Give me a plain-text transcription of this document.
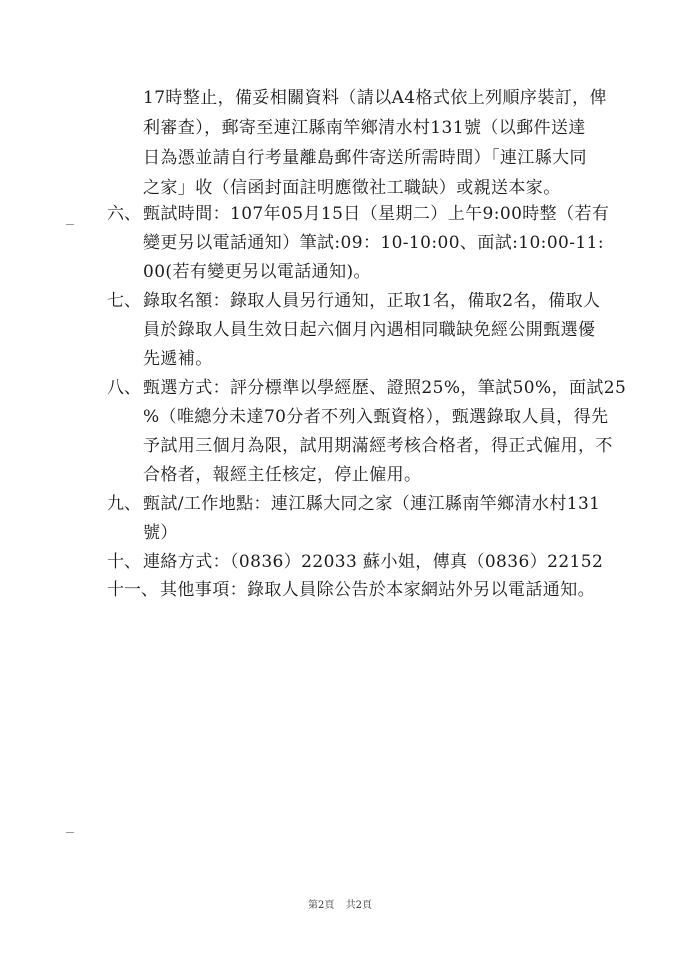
17時整止，備妥相關資料（請以A4格式依上列順序裝訂，俾
利審查），郵寄至連江縣南竿鄉清水村131號（以郵件送達
日為憑並請自行考量離島郵件寄送所需時間）「連江縣大同
之家」收（信函封面註明應徵社工職缺）或親送本家。
六、 甄試時間：107年05月15日（星期二）上午9:00時整（若有
變更另以電話通知）筆試:09：10-10:00、面試:10:00-11:
00(若有變更另以電話通知)。
七、 錄取名額：錄取人員另行通知，正取1名，備取2名，備取人
員於錄取人員生效日起六個月內遇相同職缺免經公開甄選優
先遞補。
八、 甄選方式：評分標準以學經歷、證照25%，筆試50%，面試25
%（唯總分未達70分者不列入甄資格），甄選錄取人員，得先
予試用三個月為限，試用期滿經考核合格者，得正式僱用，不
合格者，報經主任核定，停止僱用。
九、 甄試/工作地點：連江縣大同之家（連江縣南竿鄉清水村131
號）
十、 連絡方式：（0836）22033 蘇小姐，傳真（0836）22152
十一、 其他事項：錄取人員除公告於本家網站外另以電話通知。
第2頁 共2頁
